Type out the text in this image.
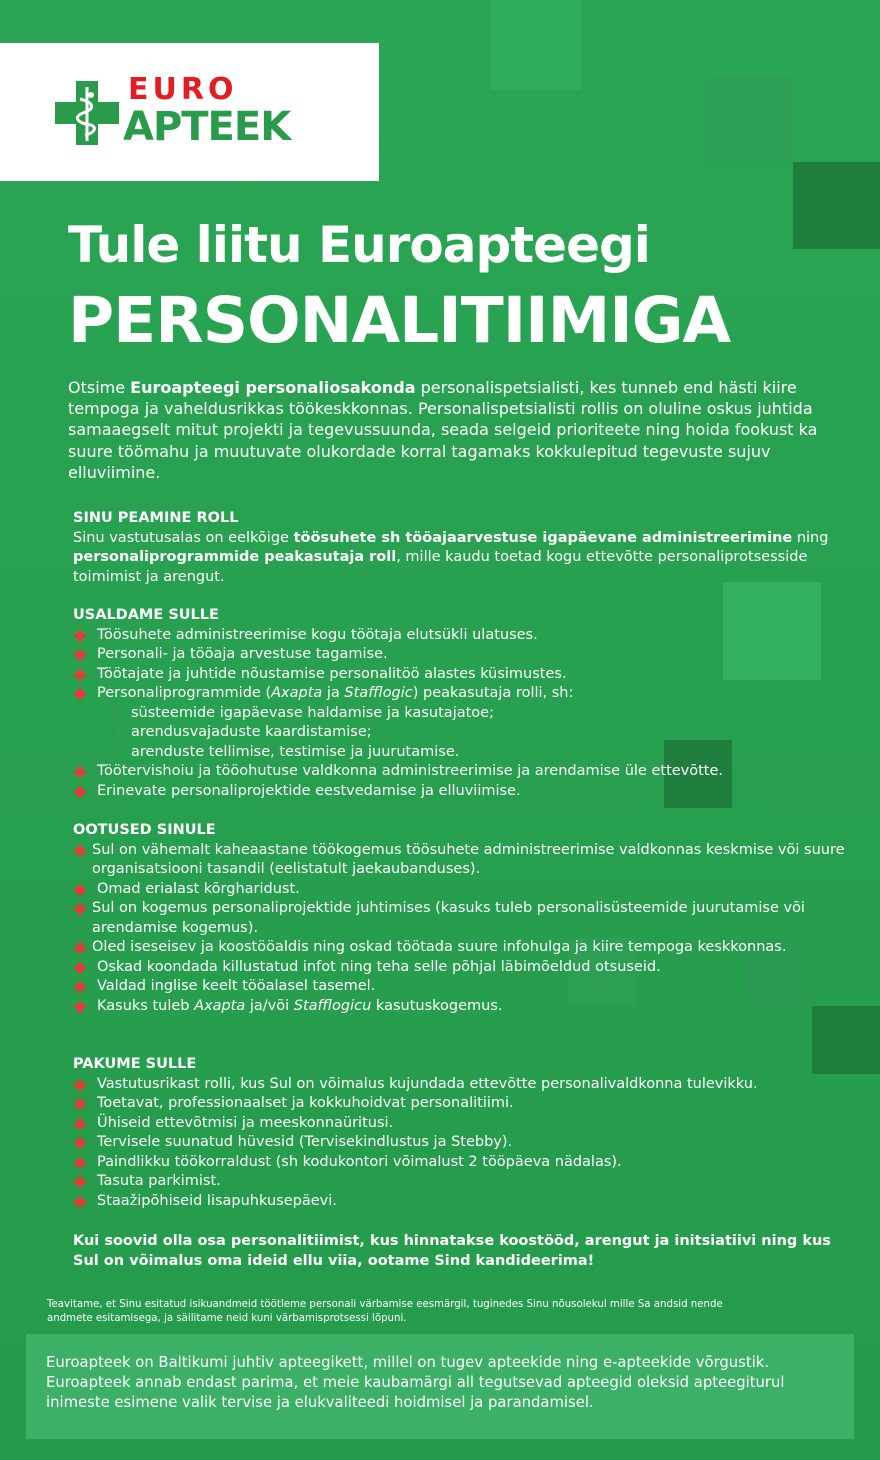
EURO
APTEEK
Tule liitu Euroapteegi
PERSONALITIIMIGA
Otsime Euroapteegi personaliosakonda personalispetsialisti, kes tunneb end hästi kiire tempoga ja vaheldusrikkas töökeskkonnas. Personalispetsialisti rollis on oluline oskus juhtida samaaegselt mitut projekti ja tegevussuunda, seada selgeid prioriteete ning hoida fookust ka suure töömahu ja muutuvate olukordade korral tagamaks kokkulepitud tegevuste sujuv elluviimine.
SINU PEAMINE ROLL
Sinu vastutusalas on eelkõige töösuhete sh tööajaarvestuse igapäevane administreerimine ning personaliprogrammide peakasutaja roll, mille kaudu toetad kogu ettevõtte personaliprotsesside toimimist ja arengut.
USALDAME SULLE
Töösuhete administreerimise kogu töötaja elutsükli ulatuses.
Personali- ja tööaja arvestuse tagamise.
Töötajate ja juhtide nõustamise personalitöö alastes küsimustes.
Personaliprogrammide (Axapta ja Stafflogic) peakasutaja rolli, sh:
süsteemide igapäevase haldamise ja kasutajatoe;
arendusvajaduste kaardistamise;
arenduste tellimise, testimise ja juurutamise.
Töötervishoiu ja tööohutuse valdkonna administreerimise ja arendamise üle ettevõtte.
Erinevate personaliprojektide eestvedamise ja elluviimise.
OOTUSED SINULE
Sul on vähemalt kaheaastane töökogemus töösuhete administreerimise valdkonnas keskmise või suure organisatsiooni tasandil (eelistatult jaekaubanduses).
Omad erialast kõrgharidust.
Sul on kogemus personaliprojektide juhtimises (kasuks tuleb personalisüsteemide juurutamise või arendamise kogemus).
Oled iseseisev ja koostööaldis ning oskad töötada suure infohulga ja kiire tempoga keskkonnas.
Oskad koondada killustatud infot ning teha selle põhjal läbimõeldud otsuseid.
Valdad inglise keelt tööalasel tasemel.
Kasuks tuleb Axapta ja/või Stafflogicu kasutuskogemus.
PAKUME SULLE
Vastutusrikast rolli, kus Sul on võimalus kujundada ettevõtte personalivaldkonna tulevikku.
Toetavat, professionaalset ja kokkuhoidvat personalitiimi.
Ühiseid ettevõtmisi ja meeskonnaüritusi.
Tervisele suunatud hüvesid (Tervisekindlustus ja Stebby).
Paindlikku töökorraldust (sh kodukontori võimalust 2 tööpäeva nädalas).
Tasuta parkimist.
Staažipõhiseid lisapuhkusepäevi.
Kui soovid olla osa personalitiimist, kus hinnatakse koostööd, arengut ja initsiatiivi ning kus Sul on võimalus oma ideid ellu viia, ootame Sind kandideerima!
Teavitame, et Sinu esitatud isikuandmeid töötleme personali värbamise eesmärgil, tuginedes Sinu nõusolekul mille Sa andsid nende andmete esitamisega, ja säilitame neid kuni värbamisprotsessi lõpuni.
Euroapteek on Baltikumi juhtiv apteegikett, millel on tugev apteekide ning e-apteekide võrgustik. Euroapteek annab endast parima, et meie kaubamärgi all tegutsevad apteegid oleksid apteegiturul inimeste esimene valik tervise ja elukvaliteedi hoidmisel ja parandamisel.
